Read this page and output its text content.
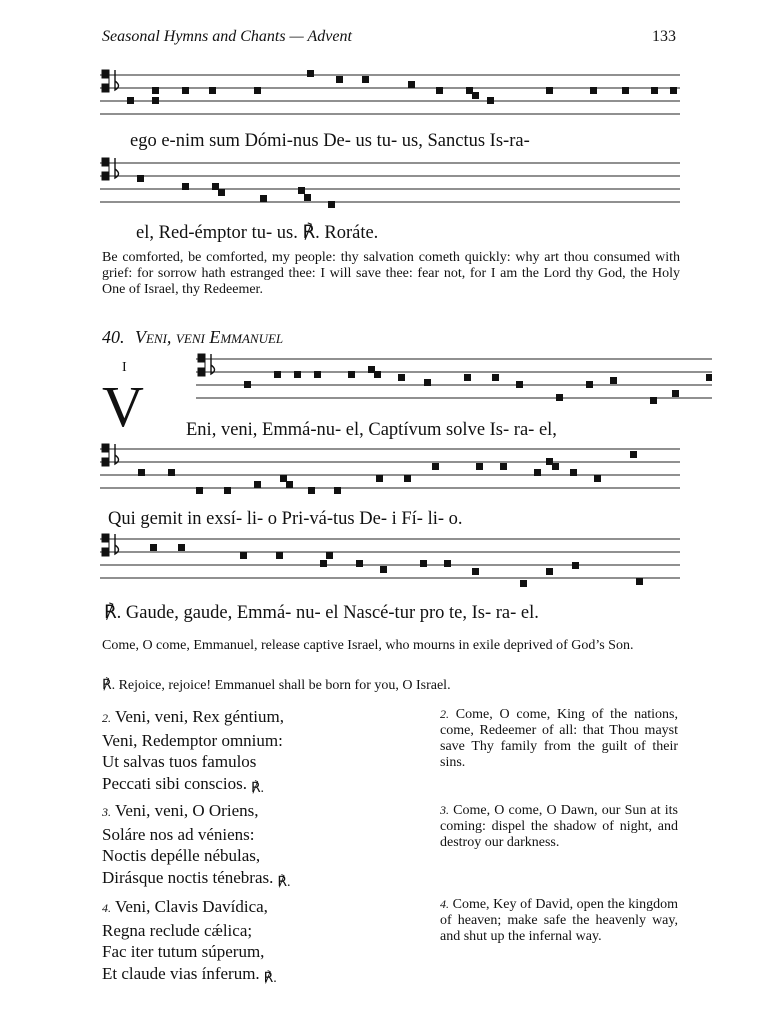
Seasonal Hymns and Chants — Advent	133
ego e-nim sum Dómi-nus De- us tu- us, Sanctus Is-ra-
el, Red-émptor tu- us. ℟. Roráte.
Be comforted, be comforted, my people: thy salvation cometh quickly: why art thou consumed with grief: for sorrow hath estranged thee: I will save thee: fear not, for I am the Lord thy God, the Holy One of Israel, thy Redeemer.
40. Veni, veni Emmanuel
I
V Eni, veni, Emmá-nu- el, Captívum solve Is- ra- el,
Qui gemit in exsí- li- o Pri-vá-tus De- i Fí- li- o.
℟. Gaude, gaude, Emmá- nu- el Nascé-tur pro te, Is- ra- el.
Come, O come, Emmanuel, release captive Israel, who mourns in exile deprived of God’s Son.
℟. Rejoice, rejoice! Emmanuel shall be born for you, O Israel.
2. Veni, veni, Rex géntium,
Veni, Redemptor omnium:
Ut salvas tuos famulos
Peccati sibi conscios. ℟.
3. Veni, veni, O Oriens,
Soláre nos ad véniens:
Noctis depélle nébulas,
Dirásque noctis ténebras. ℟.
4. Veni, Clavis Davídica,
Regna reclude cǽlica;
Fac iter tutum súperum,
Et claude vias ínferum. ℟.
2. Come, O come, King of the nations, come, Redeemer of all: that Thou mayst save Thy family from the guilt of their sins.
3. Come, O come, O Dawn, our Sun at its coming: dispel the shadow of night, and destroy our darkness.
4. Come, Key of David, open the kingdom of heaven; make safe the heavenly way, and shut up the infernal way.
